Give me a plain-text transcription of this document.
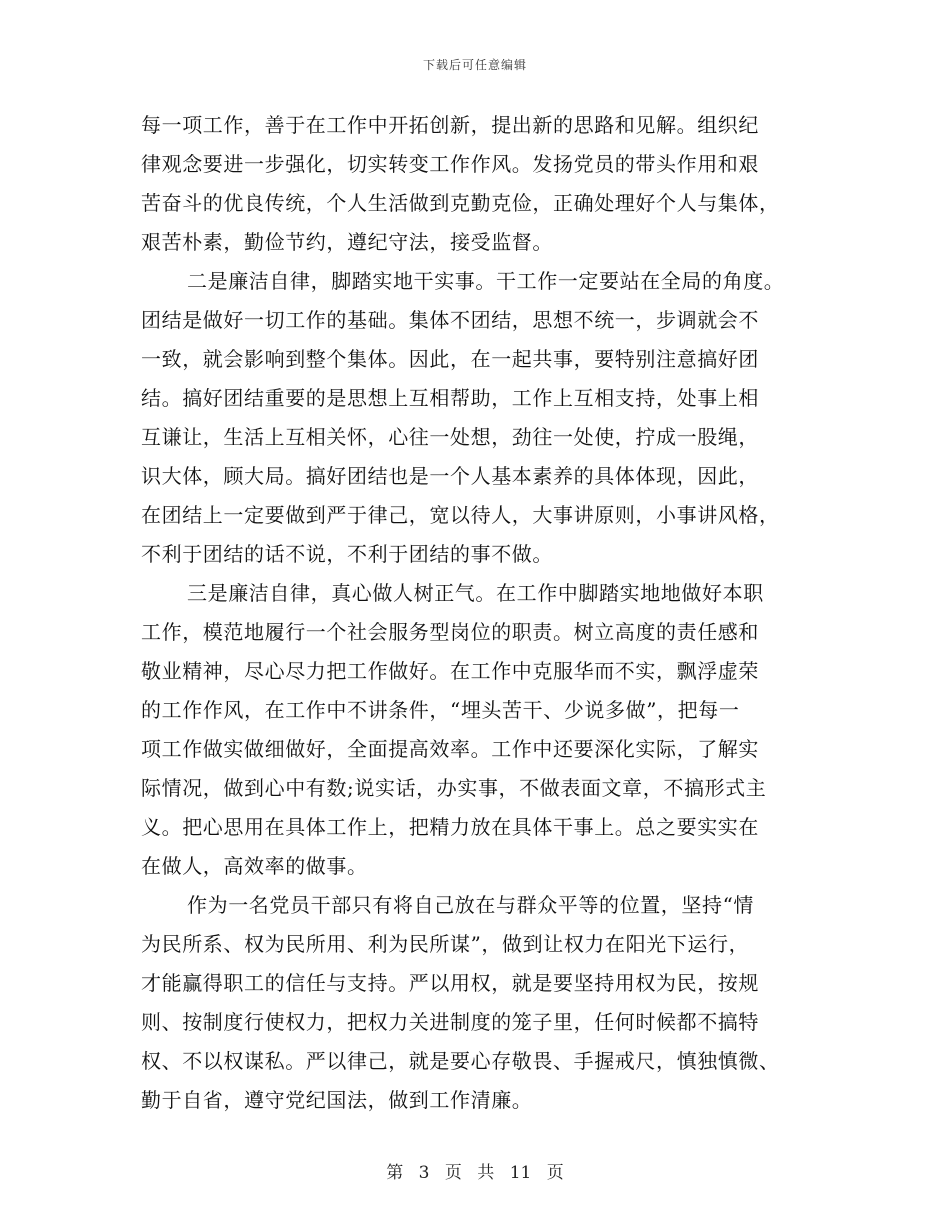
下载后可任意编辑
每一项工作，善于在工作中开拓创新，提出新的思路和见解。组织纪
律观念要进一步强化，切实转变工作作风。发扬党员的带头作用和艰
苦奋斗的优良传统，个人生活做到克勤克俭，正确处理好个人与集体，
艰苦朴素，勤俭节约，遵纪守法，接受监督。
二是廉洁自律，脚踏实地干实事。干工作一定要站在全局的角度。
团结是做好一切工作的基础。集体不团结，思想不统一，步调就会不
一致，就会影响到整个集体。因此，在一起共事，要特别注意搞好团
结。搞好团结重要的是思想上互相帮助，工作上互相支持，处事上相
互谦让，生活上互相关怀，心往一处想，劲往一处使，拧成一股绳，
识大体，顾大局。搞好团结也是一个人基本素养的具体体现，因此，
在团结上一定要做到严于律己，宽以待人，大事讲原则，小事讲风格，
不利于团结的话不说，不利于团结的事不做。
三是廉洁自律，真心做人树正气。在工作中脚踏实地地做好本职
工作，模范地履行一个社会服务型岗位的职责。树立高度的责任感和
敬业精神，尽心尽力把工作做好。在工作中克服华而不实，飘浮虚荣
的工作作风，在工作中不讲条件，“埋头苦干、少说多做”，把每一
项工作做实做细做好，全面提高效率。工作中还要深化实际，了解实
际情况，做到心中有数;说实话，办实事，不做表面文章，不搞形式主
义。把心思用在具体工作上，把精力放在具体干事上。总之要实实在
在做人，高效率的做事。
作为一名党员干部只有将自己放在与群众平等的位置，坚持“情
为民所系、权为民所用、利为民所谋”，做到让权力在阳光下运行，
才能赢得职工的信任与支持。严以用权，就是要坚持用权为民，按规
则、按制度行使权力，把权力关进制度的笼子里，任何时候都不搞特
权、不以权谋私。严以律己，就是要心存敬畏、手握戒尺，慎独慎微、
勤于自省，遵守党纪国法，做到工作清廉。
第 3 页 共 11 页
